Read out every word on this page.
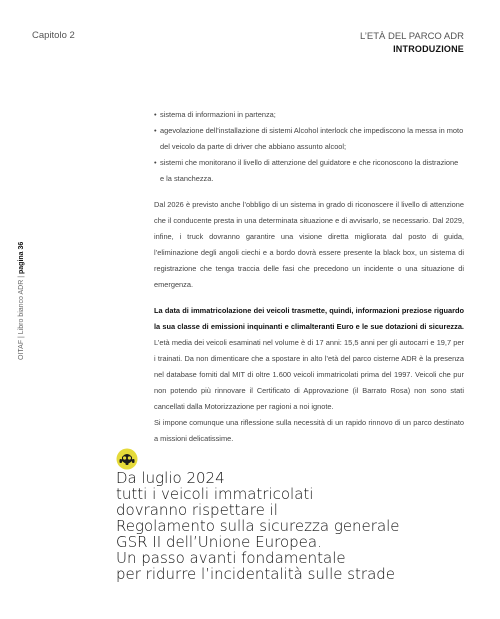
Capitolo 2	L’ETÀ DEL PARCO ADR
INTRODUZIONE
OITAF | Libro bianco ADR | pagina 36
• sistema di informazioni in partenza;
• agevolazione dell’installazione di sistemi Alcohol interlock che impediscono la messa in moto del veicolo da parte di driver che abbiano assunto alcool;
• sistemi che monitorano il livello di attenzione del guidatore e che riconoscono la distrazione e la stanchezza.
Dal 2026 è previsto anche l’obbligo di un sistema in grado di riconoscere il livello di attenzione che il conducente presta in una determinata situazione e di avvisarlo, se necessario. Dal 2029, infine, i truck dovranno garantire una visione diretta migliorata dal posto di guida, l’eliminazione degli angoli ciechi e a bordo dovrà essere presente la black box, un sistema di registrazione che tenga traccia delle fasi che precedono un incidente o una situazione di emergenza.
La data di immatricolazione dei veicoli trasmette, quindi, informazioni preziose riguardo la sua classe di emissioni inquinanti e climalteranti Euro e le sue dotazioni di sicurezza. L’età media dei veicoli esaminati nel volume è di 17 anni: 15,5 anni per gli autocarri e 19,7 per i trainati. Da non dimenticare che a spostare in alto l’età del parco cisterne ADR è la presenza nel database forniti dal MIT di oltre 1.600 veicoli immatricolati prima del 1997. Veicoli che pur non potendo più rinnovare il Certificato di Approvazione (il Barrato Rosa) non sono stati cancellati dalla Motorizzazione per ragioni a noi ignote.
Si impone comunque una riflessione sulla necessità di un rapido rinnovo di un parco destinato a missioni delicatissime.
Da luglio 2024
tutti i veicoli immatricolati
dovranno rispettare il
Regolamento sulla sicurezza generale
GSR II dell’Unione Europea.
Un passo avanti fondamentale
per ridurre l’incidentalità sulle strade
